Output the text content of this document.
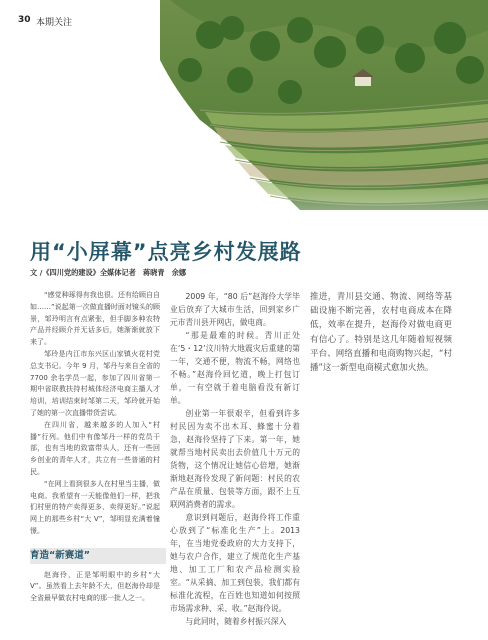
30 本期关注
用“小屏幕”点亮乡村发展路
文 /《四川党的建设》全媒体记者　蒋晓青　余娜

“感觉种琢得有我也很。还有给顾自自如……”说起第一次做直播时面对镜头的顾景，邹玲明言有点紧张，但手脚多种农特产品并经顾介并无话多后，她渐渐就放下来了。

邹玲是内江市东兴区山家镇火花村党总支书记。今年 9 月，邹丹与来自全省的 7700 余名学员一起，参加了四川省第一期中省联教扶持村城体经济电商主播人才培训，培训结束时邹第二天，邹玲就开始了她的第一次直播带货尝试。

在四川省，越来越多的人加入“村播”行列。他们中有像邹丹一样的党员干部，也有当地的致富带头人，还有一些回乡创业的青年人才，共立有一些普通的村民。

“在网上看到很多人在村里当主播，做电商。我希望有一天能像他们一样，把我们村里的特产卖得更多、卖得更好。”说起网上的那些乡村“大 V”，邹明显充满着憧憬。

育造“新赛道”

赵海伶，正是邹明眼中的乡村“大 V”。虽然看上去年龄不大，但赵海伶却是全省最早做农村电商的那一批人之一。

2009 年，“80 后”赵海伶大学毕业后放弃了大城市生活，回到家乡广元市青川县开网店，做电商。

“那是最难的时候。青川正处在‘5・12’汶川特大地震灾后重建的第一年，交通不便，物流不畅，网络也不畅。”赵海伶回忆道，晚上打包订单，一有空就于着电脑看没有新订单。

创业第一年很艰辛，但看到许多村民因为卖不出木耳、蜂蜜十分着急，赵海伶坚持了下来。第一年，她就帮当地村民卖出去价值几十万元的货物，这个情况让她信心倍增，她渐渐地赵海伶发现了新问题：村民的农产品在质量、包装等方面，跟不上互联网消费者的需求。

意识到问题后，赵海伶将工作重心放到了“标准化生产”上。2013 年，在当地党委政府的大力支持下，她与农户合作，建立了规范化生产基地、加工工厂和农产品检测实验室。“从采摘、加工到包装，我们都有标准化流程，在百姓也知道如何按照市场需求种、采、收。”赵海伶说。

与此同时，随着乡村振兴深入

推进，青川县交通、物流、网络等基础设施不断完善，农村电商成本在降低，效率在提升，赵海伶对做电商更有信心了。特别是这几年随着短视频平台、网络直播和电商购物兴起，“村播”这一新型电商模式愈加火热。
